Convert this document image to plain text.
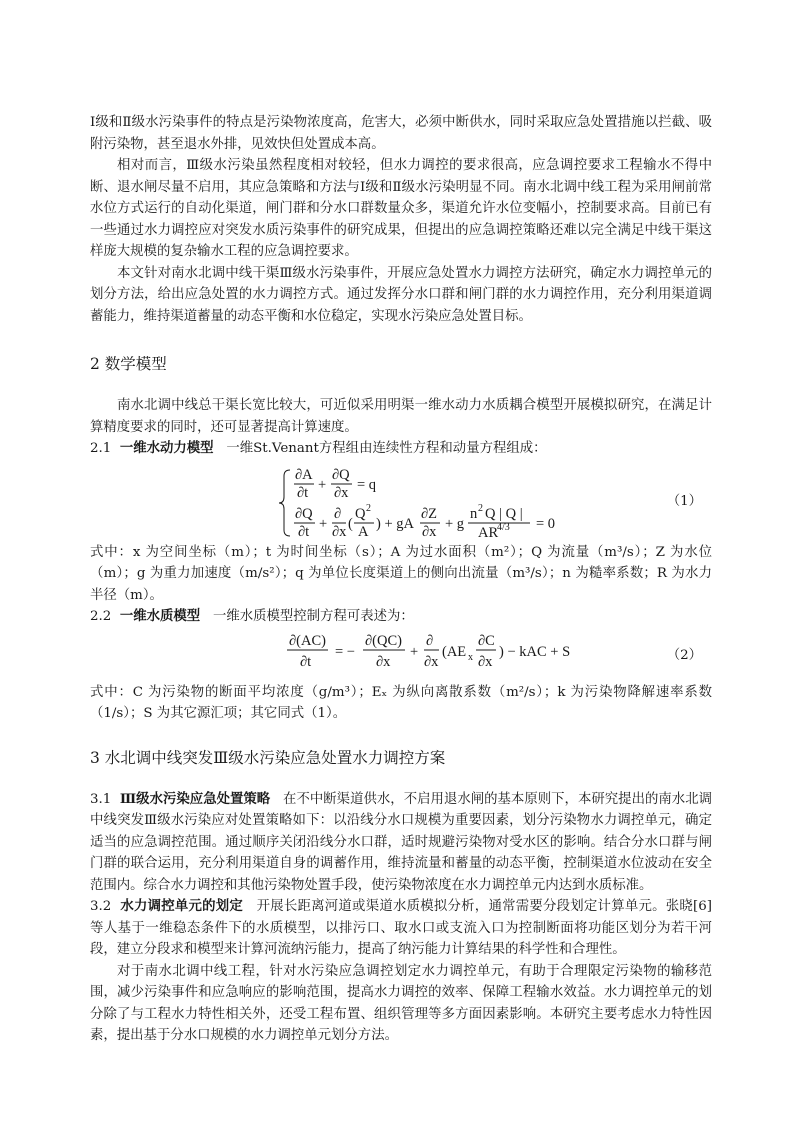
Ⅰ级和Ⅱ级水污染事件的特点是污染物浓度高，危害大，必须中断供水，同时采取应急处置措施以拦截、吸附污染物，甚至退水外排，见效快但处置成本高。

相对而言，Ⅲ级水污染虽然程度相对较轻，但水力调控的要求很高，应急调控要求工程输水不得中断、退水闸尽量不启用，其应急策略和方法与Ⅰ级和Ⅱ级水污染明显不同。南水北调中线工程为采用闸前常水位方式运行的自动化渠道，闸门群和分水口群数量众多，渠道允许水位变幅小，控制要求高。目前已有一些通过水力调控应对突发水质污染事件的研究成果，但提出的应急调控策略还难以完全满足中线干渠这样庞大规模的复杂输水工程的应急调控要求。

本文针对南水北调中线干渠Ⅲ级水污染事件，开展应急处置水力调控方法研究，确定水力调控单元的划分方法，给出应急处置的水力调控方式。通过发挥分水口群和闸门群的水力调控作用，充分利用渠道调蓄能力，维持渠道蓄量的动态平衡和水位稳定，实现水污染应急处置目标。

2 数学模型

南水北调中线总干渠长宽比较大，可近似采用明渠一维水动力水质耦合模型开展模拟研究，在满足计算精度要求的同时，还可显著提高计算速度。

2.1 一维水动力模型 一维St.Venant方程组由连续性方程和动量方程组成：

∂A
∂t +
∂Q
∂x = q
∂Q
∂t +
∂
∂x (
Q 2
A ) + gA
∂Z
∂x + g
n 2 Q | Q |
AR
4/3 = 0
（1）

式中：x 为空间坐标（m）；t 为时间坐标（s）；A 为过水面积（m²）；Q 为流量（m³/s）；Z 为水位（m）；g 为重力加速度（m/s²）；q 为单位长度渠道上的侧向出流量（m³/s）；n 为糙率系数；R 为水力半径（m）。

2.2 一维水质模型 一维水质模型控制方程可表述为：

∂(AC)
∂t
= −
∂(QC)
∂x
+
∂
∂x
(AE x
∂C
∂x
) − kAC + S	（2）

式中：C 为污染物的断面平均浓度（g/m³）；Eₓ 为纵向离散系数（m²/s）；k 为污染物降解速率系数（1/s）；S 为其它源汇项；其它同式（1）。

3 水北调中线突发Ⅲ级水污染应急处置水力调控方案

3.1 Ⅲ级水污染应急处置策略 在不中断渠道供水，不启用退水闸的基本原则下，本研究提出的南水北调中线突发Ⅲ级水污染应对处置策略如下：以沿线分水口规模为重要因素，划分污染物水力调控单元，确定适当的应急调控范围。通过顺序关闭沿线分水口群，适时规避污染物对受水区的影响。结合分水口群与闸门群的联合运用，充分利用渠道自身的调蓄作用，维持流量和蓄量的动态平衡，控制渠道水位波动在安全范围内。综合水力调控和其他污染物处置手段，使污染物浓度在水力调控单元内达到水质标准。

3.2 水力调控单元的划定 开展长距离河道或渠道水质模拟分析，通常需要分段划定计算单元。张晓[6]等人基于一维稳态条件下的水质模型，以排污口、取水口或支流入口为控制断面将功能区划分为若干河段，建立分段求和模型来计算河流纳污能力，提高了纳污能力计算结果的科学性和合理性。

对于南水北调中线工程，针对水污染应急调控划定水力调控单元，有助于合理限定污染物的输移范围，减少污染事件和应急响应的影响范围，提高水力调控的效率、保障工程输水效益。水力调控单元的划分除了与工程水力特性相关外，还受工程布置、组织管理等多方面因素影响。本研究主要考虑水力特性因素，提出基于分水口规模的水力调控单元划分方法。
